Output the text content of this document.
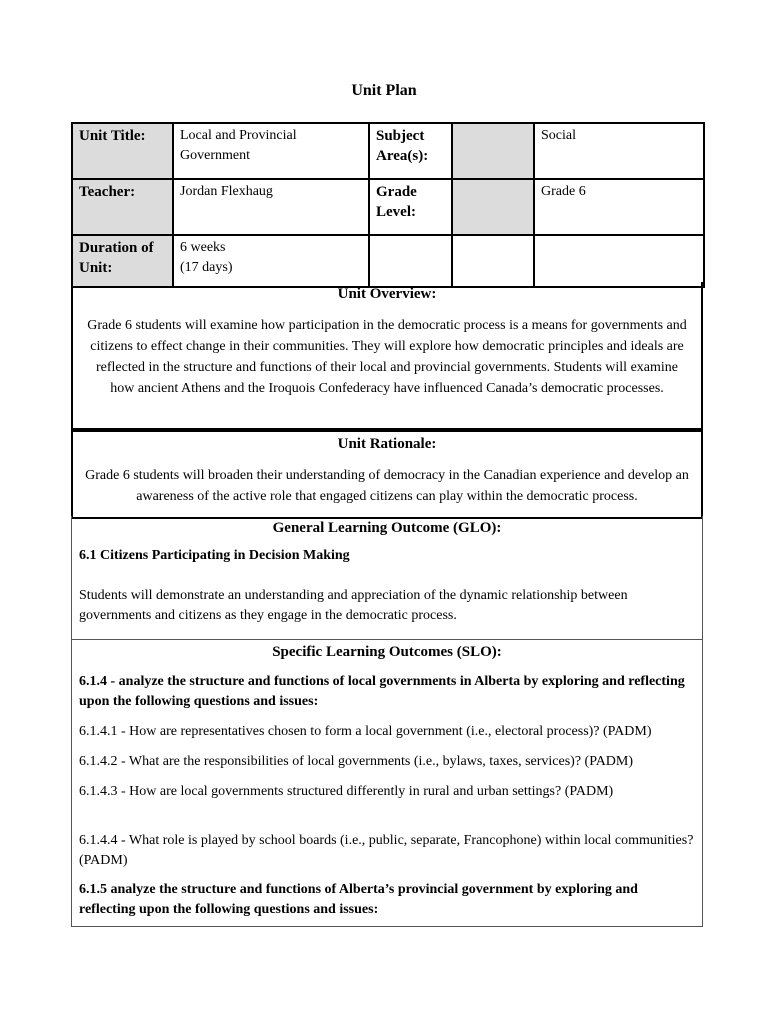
Unit Plan
Unit Title:	Local and Provincial Government	Subject Area(s):		Social
Teacher:	Jordan Flexhaug	Grade Level:		Grade 6
Duration of Unit:	6 weeks
(17 days)			

Unit Overview:
Grade 6 students will examine how participation in the democratic process is a means for governments and citizens to effect change in their communities. They will explore how democratic principles and ideals are reflected in the structure and functions of their local and provincial governments. Students will examine how ancient Athens and the Iroquois Confederacy have influenced Canada’s democratic processes.
Unit Rationale:
Grade 6 students will broaden their understanding of democracy in the Canadian experience and develop an awareness of the active role that engaged citizens can play within the democratic process.
General Learning Outcome (GLO):
6.1 Citizens Participating in Decision Making
Students will demonstrate an understanding and appreciation of the dynamic relationship between governments and citizens as they engage in the democratic process.
Specific Learning Outcomes (SLO):
6.1.4 - analyze the structure and functions of local governments in Alberta by exploring and reflecting upon the following questions and issues:
6.1.4.1 - How are representatives chosen to form a local government (i.e., electoral process)? (PADM)
6.1.4.2 - What are the responsibilities of local governments (i.e., bylaws, taxes, services)? (PADM)
6.1.4.3 - How are local governments structured differently in rural and urban settings? (PADM)
6.1.4.4 - What role is played by school boards (i.e., public, separate, Francophone) within local communities? (PADM)
6.1.5 analyze the structure and functions of Alberta’s provincial government by exploring and reflecting upon the following questions and issues:
